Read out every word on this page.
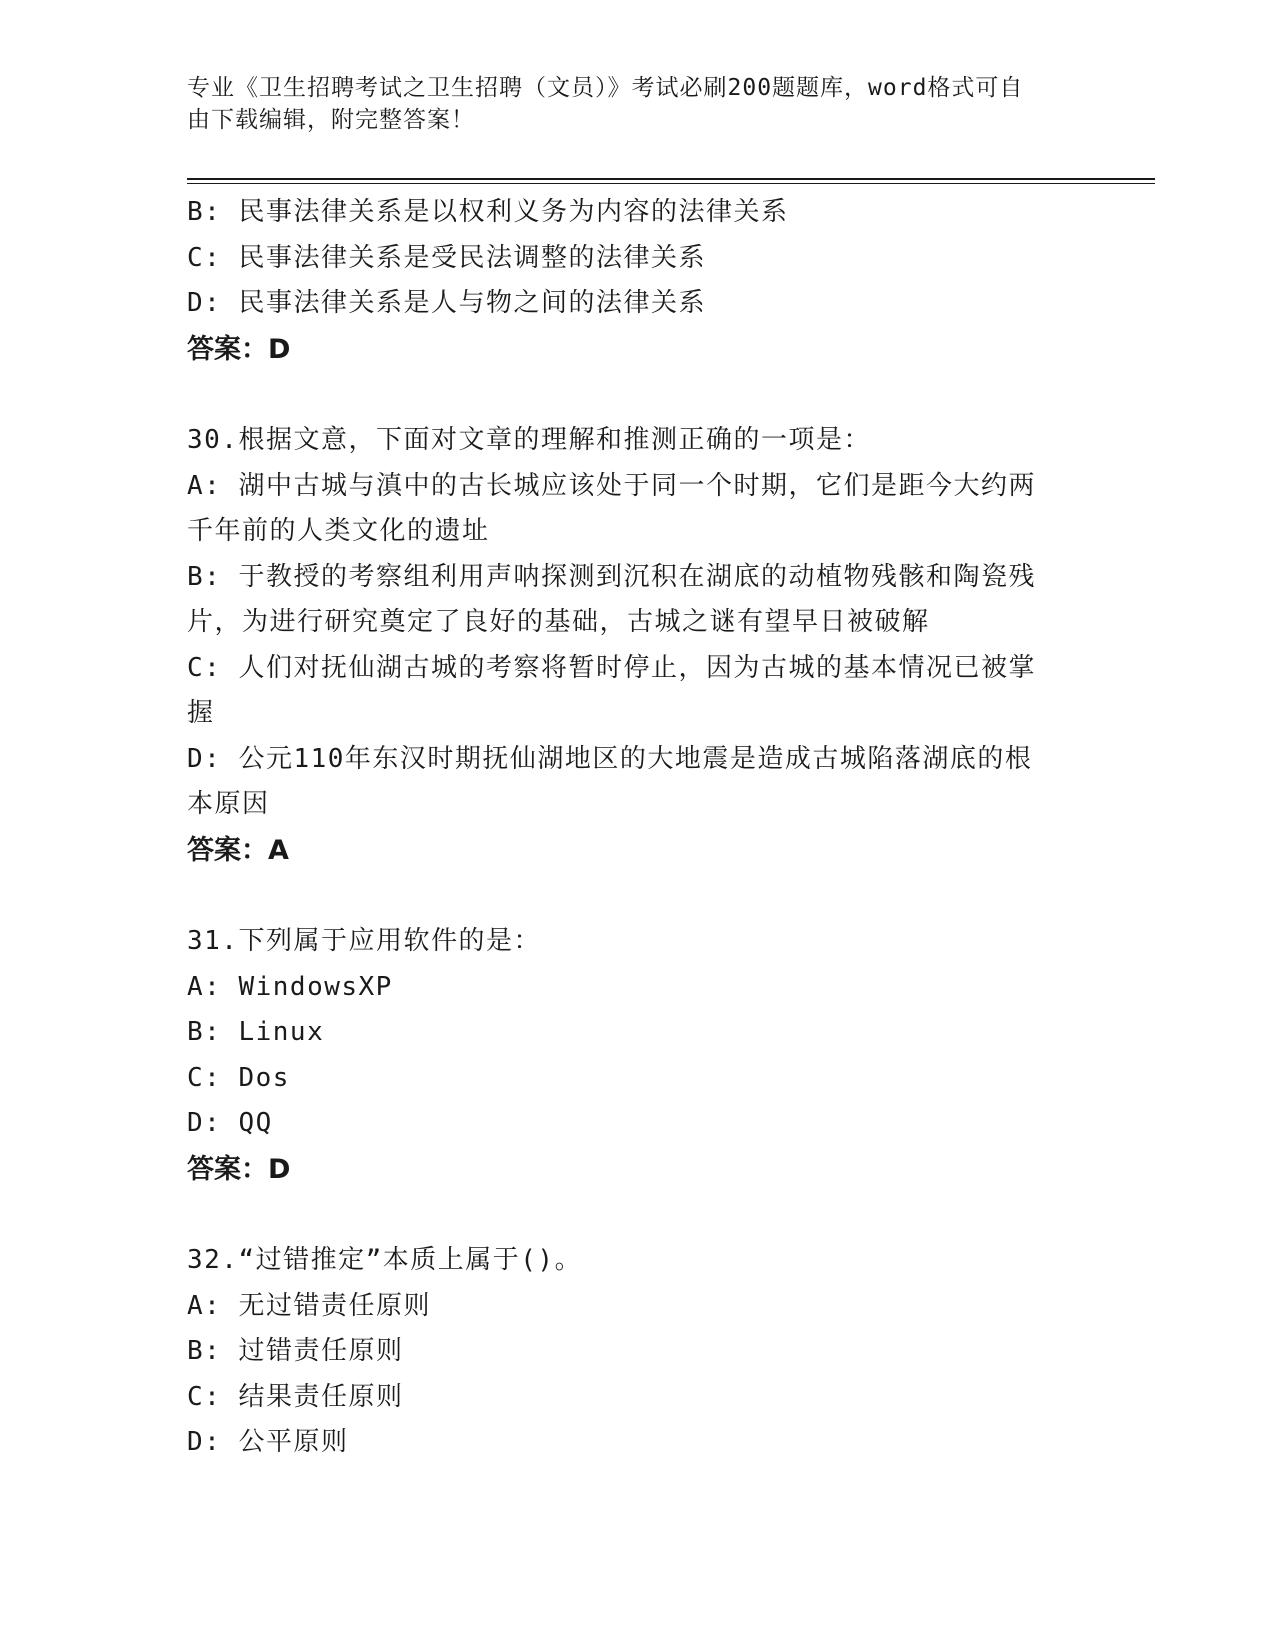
专业《卫生招聘考试之卫生招聘（文员）》考试必刷200题题库，word格式可自
由下载编辑，附完整答案！

B: 民事法律关系是以权利义务为内容的法律关系

C: 民事法律关系是受民法调整的法律关系

D: 民事法律关系是人与物之间的法律关系

答案：D

30.根据文意，下面对文章的理解和推测正确的一项是：

A: 湖中古城与滇中的古长城应该处于同一个时期，它们是距今大约两

千年前的人类文化的遗址

B: 于教授的考察组利用声呐探测到沉积在湖底的动植物残骸和陶瓷残

片，为进行研究奠定了良好的基础，古城之谜有望早日被破解

C: 人们对抚仙湖古城的考察将暂时停止，因为古城的基本情况已被掌

握

D: 公元110年东汉时期抚仙湖地区的大地震是造成古城陷落湖底的根

本原因

答案：A

31.下列属于应用软件的是：

A: WindowsXP

B: Linux

C: Dos

D: QQ

答案：D

32.“过错推定”本质上属于()。

A: 无过错责任原则

B: 过错责任原则

C: 结果责任原则

D: 公平原则
